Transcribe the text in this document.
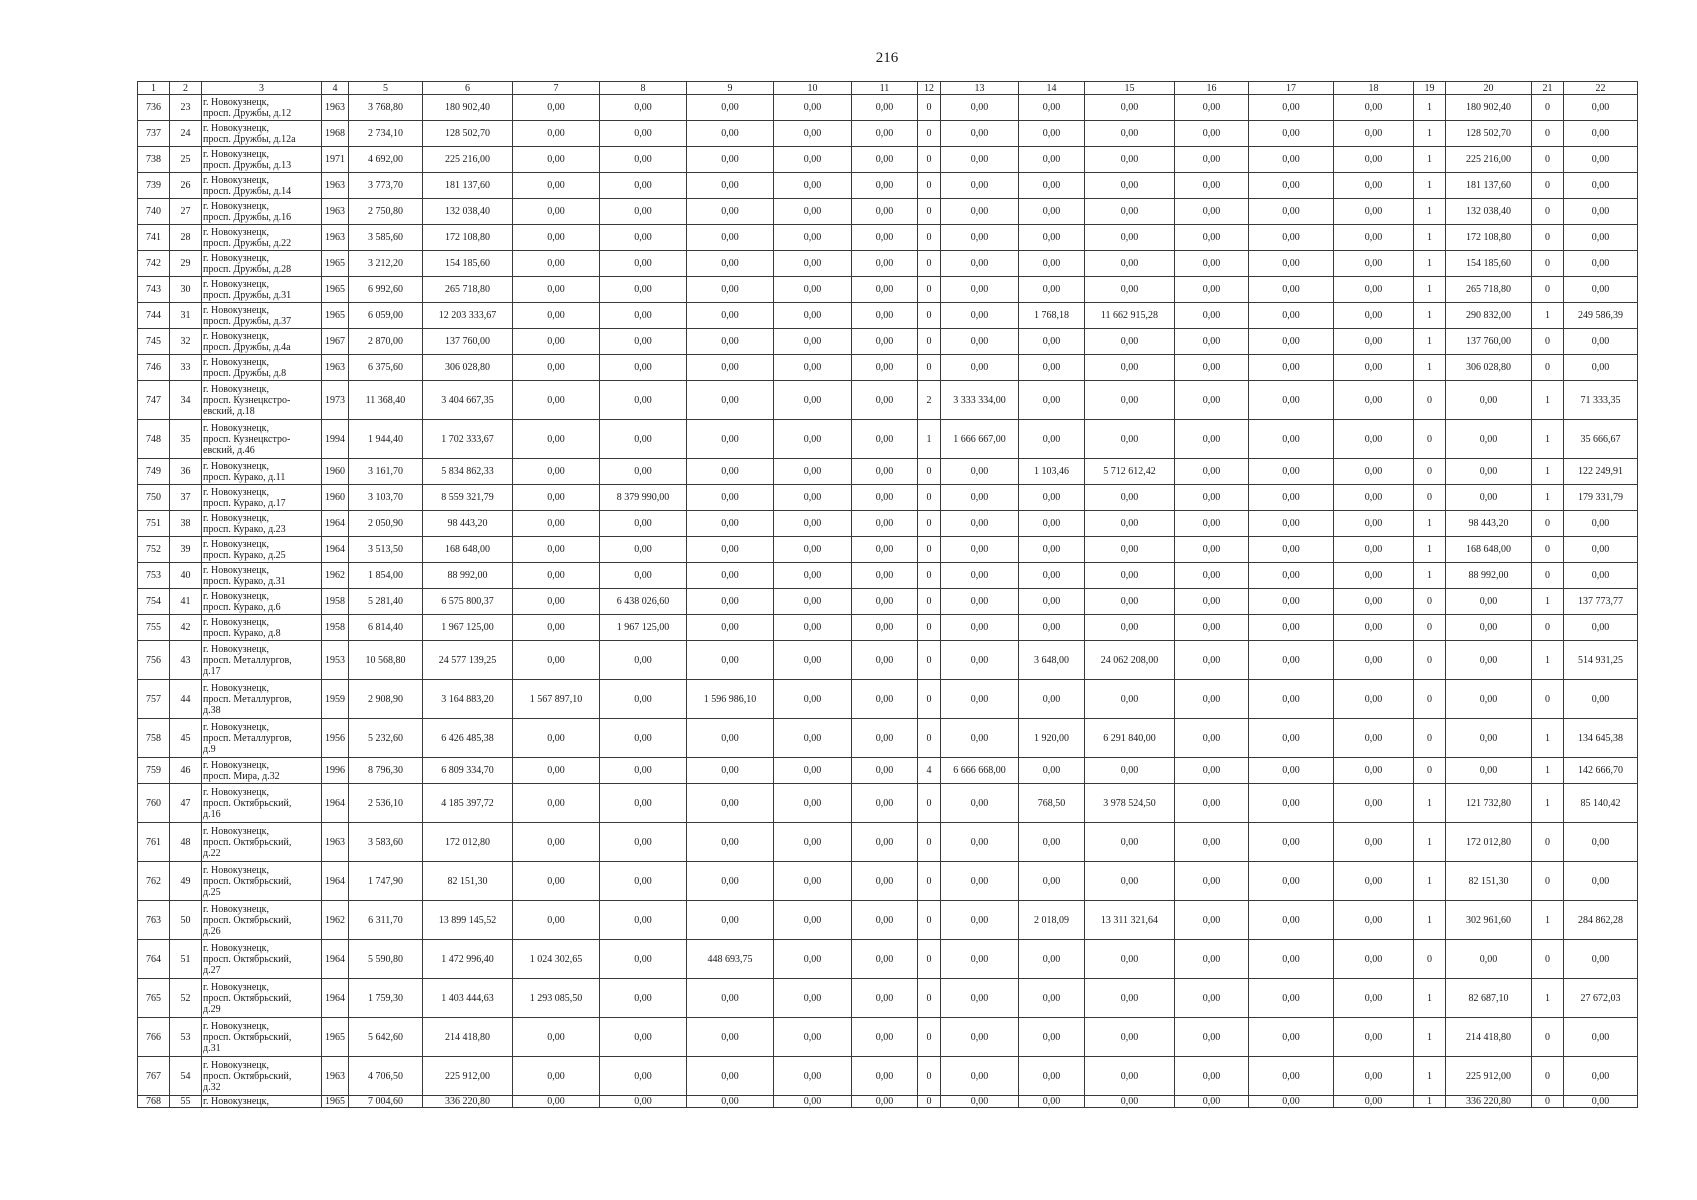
216
1	2	3	4	5	6	7	8	9	10	11	12	13	14	15	16	17	18	19	20	21	22
736	23	г. Новокузнецк,
просп. Дружбы, д.12	1963	3 768,80	180 902,40	0,00	0,00	0,00	0,00	0,00	0	0,00	0,00	0,00	0,00	0,00	0,00	1	180 902,40	0	0,00
737	24	г. Новокузнецк,
просп. Дружбы, д.12а	1968	2 734,10	128 502,70	0,00	0,00	0,00	0,00	0,00	0	0,00	0,00	0,00	0,00	0,00	0,00	1	128 502,70	0	0,00
738	25	г. Новокузнецк,
просп. Дружбы, д.13	1971	4 692,00	225 216,00	0,00	0,00	0,00	0,00	0,00	0	0,00	0,00	0,00	0,00	0,00	0,00	1	225 216,00	0	0,00
739	26	г. Новокузнецк,
просп. Дружбы, д.14	1963	3 773,70	181 137,60	0,00	0,00	0,00	0,00	0,00	0	0,00	0,00	0,00	0,00	0,00	0,00	1	181 137,60	0	0,00
740	27	г. Новокузнецк,
просп. Дружбы, д.16	1963	2 750,80	132 038,40	0,00	0,00	0,00	0,00	0,00	0	0,00	0,00	0,00	0,00	0,00	0,00	1	132 038,40	0	0,00
741	28	г. Новокузнецк,
просп. Дружбы, д.22	1963	3 585,60	172 108,80	0,00	0,00	0,00	0,00	0,00	0	0,00	0,00	0,00	0,00	0,00	0,00	1	172 108,80	0	0,00
742	29	г. Новокузнецк,
просп. Дружбы, д.28	1965	3 212,20	154 185,60	0,00	0,00	0,00	0,00	0,00	0	0,00	0,00	0,00	0,00	0,00	0,00	1	154 185,60	0	0,00
743	30	г. Новокузнецк,
просп. Дружбы, д.31	1965	6 992,60	265 718,80	0,00	0,00	0,00	0,00	0,00	0	0,00	0,00	0,00	0,00	0,00	0,00	1	265 718,80	0	0,00
744	31	г. Новокузнецк,
просп. Дружбы, д.37	1965	6 059,00	12 203 333,67	0,00	0,00	0,00	0,00	0,00	0	0,00	1 768,18	11 662 915,28	0,00	0,00	0,00	1	290 832,00	1	249 586,39
745	32	г. Новокузнецк,
просп. Дружбы, д.4а	1967	2 870,00	137 760,00	0,00	0,00	0,00	0,00	0,00	0	0,00	0,00	0,00	0,00	0,00	0,00	1	137 760,00	0	0,00
746	33	г. Новокузнецк,
просп. Дружбы, д.8	1963	6 375,60	306 028,80	0,00	0,00	0,00	0,00	0,00	0	0,00	0,00	0,00	0,00	0,00	0,00	1	306 028,80	0	0,00
747	34	г. Новокузнецк,
просп. Кузнецкстро-
евский, д.18	1973	11 368,40	3 404 667,35	0,00	0,00	0,00	0,00	0,00	2	3 333 334,00	0,00	0,00	0,00	0,00	0,00	0	0,00	1	71 333,35
748	35	г. Новокузнецк,
просп. Кузнецкстро-
евский, д.46	1994	1 944,40	1 702 333,67	0,00	0,00	0,00	0,00	0,00	1	1 666 667,00	0,00	0,00	0,00	0,00	0,00	0	0,00	1	35 666,67
749	36	г. Новокузнецк,
просп. Курако, д.11	1960	3 161,70	5 834 862,33	0,00	0,00	0,00	0,00	0,00	0	0,00	1 103,46	5 712 612,42	0,00	0,00	0,00	0	0,00	1	122 249,91
750	37	г. Новокузнецк,
просп. Курако, д.17	1960	3 103,70	8 559 321,79	0,00	8 379 990,00	0,00	0,00	0,00	0	0,00	0,00	0,00	0,00	0,00	0,00	0	0,00	1	179 331,79
751	38	г. Новокузнецк,
просп. Курако, д.23	1964	2 050,90	98 443,20	0,00	0,00	0,00	0,00	0,00	0	0,00	0,00	0,00	0,00	0,00	0,00	1	98 443,20	0	0,00
752	39	г. Новокузнецк,
просп. Курако, д.25	1964	3 513,50	168 648,00	0,00	0,00	0,00	0,00	0,00	0	0,00	0,00	0,00	0,00	0,00	0,00	1	168 648,00	0	0,00
753	40	г. Новокузнецк,
просп. Курако, д.31	1962	1 854,00	88 992,00	0,00	0,00	0,00	0,00	0,00	0	0,00	0,00	0,00	0,00	0,00	0,00	1	88 992,00	0	0,00
754	41	г. Новокузнецк,
просп. Курако, д.6	1958	5 281,40	6 575 800,37	0,00	6 438 026,60	0,00	0,00	0,00	0	0,00	0,00	0,00	0,00	0,00	0,00	0	0,00	1	137 773,77
755	42	г. Новокузнецк,
просп. Курако, д.8	1958	6 814,40	1 967 125,00	0,00	1 967 125,00	0,00	0,00	0,00	0	0,00	0,00	0,00	0,00	0,00	0,00	0	0,00	0	0,00
756	43	г. Новокузнецк,
просп. Металлургов,
д.17	1953	10 568,80	24 577 139,25	0,00	0,00	0,00	0,00	0,00	0	0,00	3 648,00	24 062 208,00	0,00	0,00	0,00	0	0,00	1	514 931,25
757	44	г. Новокузнецк,
просп. Металлургов,
д.38	1959	2 908,90	3 164 883,20	1 567 897,10	0,00	1 596 986,10	0,00	0,00	0	0,00	0,00	0,00	0,00	0,00	0,00	0	0,00	0	0,00
758	45	г. Новокузнецк,
просп. Металлургов,
д.9	1956	5 232,60	6 426 485,38	0,00	0,00	0,00	0,00	0,00	0	0,00	1 920,00	6 291 840,00	0,00	0,00	0,00	0	0,00	1	134 645,38
759	46	г. Новокузнецк,
просп. Мира, д.32	1996	8 796,30	6 809 334,70	0,00	0,00	0,00	0,00	0,00	4	6 666 668,00	0,00	0,00	0,00	0,00	0,00	0	0,00	1	142 666,70
760	47	г. Новокузнецк,
просп. Октябрьский,
д.16	1964	2 536,10	4 185 397,72	0,00	0,00	0,00	0,00	0,00	0	0,00	768,50	3 978 524,50	0,00	0,00	0,00	1	121 732,80	1	85 140,42
761	48	г. Новокузнецк,
просп. Октябрьский,
д.22	1963	3 583,60	172 012,80	0,00	0,00	0,00	0,00	0,00	0	0,00	0,00	0,00	0,00	0,00	0,00	1	172 012,80	0	0,00
762	49	г. Новокузнецк,
просп. Октябрьский,
д.25	1964	1 747,90	82 151,30	0,00	0,00	0,00	0,00	0,00	0	0,00	0,00	0,00	0,00	0,00	0,00	1	82 151,30	0	0,00
763	50	г. Новокузнецк,
просп. Октябрьский,
д.26	1962	6 311,70	13 899 145,52	0,00	0,00	0,00	0,00	0,00	0	0,00	2 018,09	13 311 321,64	0,00	0,00	0,00	1	302 961,60	1	284 862,28
764	51	г. Новокузнецк,
просп. Октябрьский,
д.27	1964	5 590,80	1 472 996,40	1 024 302,65	0,00	448 693,75	0,00	0,00	0	0,00	0,00	0,00	0,00	0,00	0,00	0	0,00	0	0,00
765	52	г. Новокузнецк,
просп. Октябрьский,
д.29	1964	1 759,30	1 403 444,63	1 293 085,50	0,00	0,00	0,00	0,00	0	0,00	0,00	0,00	0,00	0,00	0,00	1	82 687,10	1	27 672,03
766	53	г. Новокузнецк,
просп. Октябрьский,
д.31	1965	5 642,60	214 418,80	0,00	0,00	0,00	0,00	0,00	0	0,00	0,00	0,00	0,00	0,00	0,00	1	214 418,80	0	0,00
767	54	г. Новокузнецк,
просп. Октябрьский,
д.32	1963	4 706,50	225 912,00	0,00	0,00	0,00	0,00	0,00	0	0,00	0,00	0,00	0,00	0,00	0,00	1	225 912,00	0	0,00
768	55	г. Новокузнецк,	1965	7 004,60	336 220,80	0,00	0,00	0,00	0,00	0,00	0	0,00	0,00	0,00	0,00	0,00	0,00	1	336 220,80	0	0,00
